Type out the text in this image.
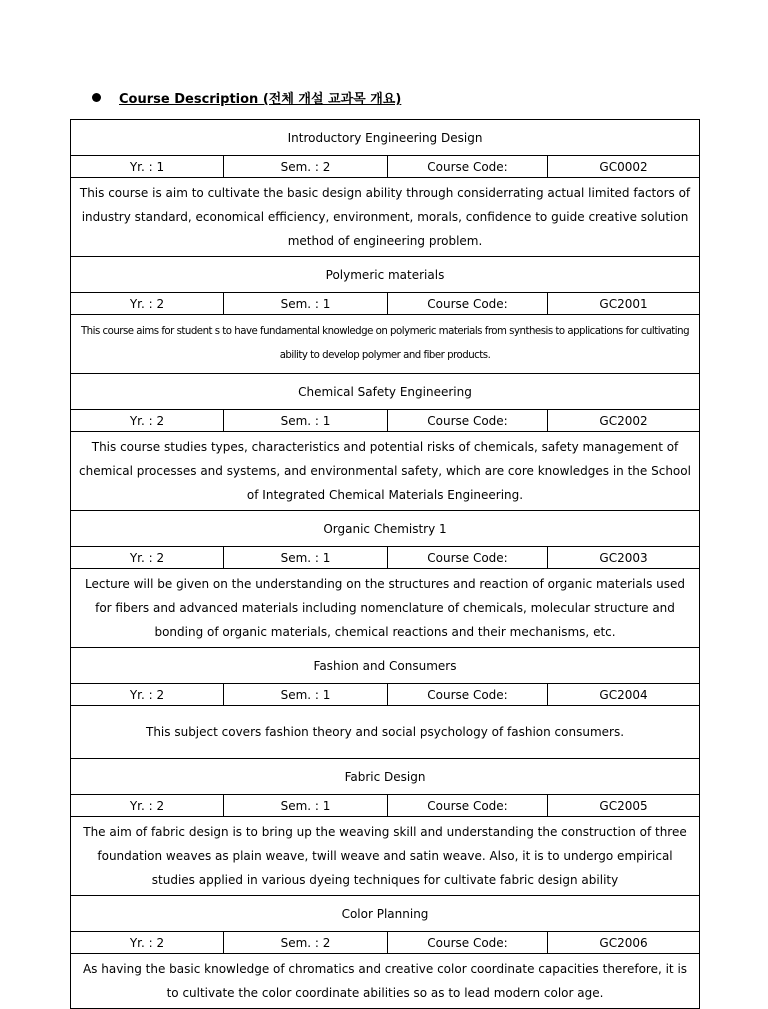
Course Description (전체 개설 교과목 개요)
Introductory Engineering Design			
Yr. : 1	Sem. : 2	Course Code:	GC0002

This course is aim to cultivate the basic design ability through considerrating actual limited factors of industry standard, economical efficiency, environment, morals, confidence to guide creative solution method of engineering problem.			

Polymeric materials			
Yr. : 2	Sem. : 1	Course Code:	GC2001

This course aims for student s to have fundamental knowledge on polymeric materials from synthesis to applications for cultivating ability to develop polymer and fiber products.			

Chemical Safety Engineering			
Yr. : 2	Sem. : 1	Course Code:	GC2002

This course studies types, characteristics and potential risks of chemicals, safety management of chemical processes and systems, and environmental safety, which are core knowledges in the School of Integrated Chemical Materials Engineering.			

Organic Chemistry 1			
Yr. : 2	Sem. : 1	Course Code:	GC2003

Lecture will be given on the understanding on the structures and reaction of organic materials used for fibers and advanced materials including nomenclature of chemicals, molecular structure and bonding of organic materials, chemical reactions and their mechanisms, etc.			

Fashion and Consumers			
Yr. : 2	Sem. : 1	Course Code:	GC2004

This subject covers fashion theory and social psychology of fashion consumers.			

Fabric Design			
Yr. : 2	Sem. : 1	Course Code:	GC2005

The aim of fabric design is to bring up the weaving skill and understanding the construction of three foundation weaves as plain weave, twill weave and satin weave. Also, it is to undergo empirical studies applied in various dyeing techniques for cultivate fabric design ability			

Color Planning			
Yr. : 2	Sem. : 2	Course Code:	GC2006

As having the basic knowledge of chromatics and creative color coordinate capacities therefore, it is to cultivate the color coordinate abilities so as to lead modern color age.			
